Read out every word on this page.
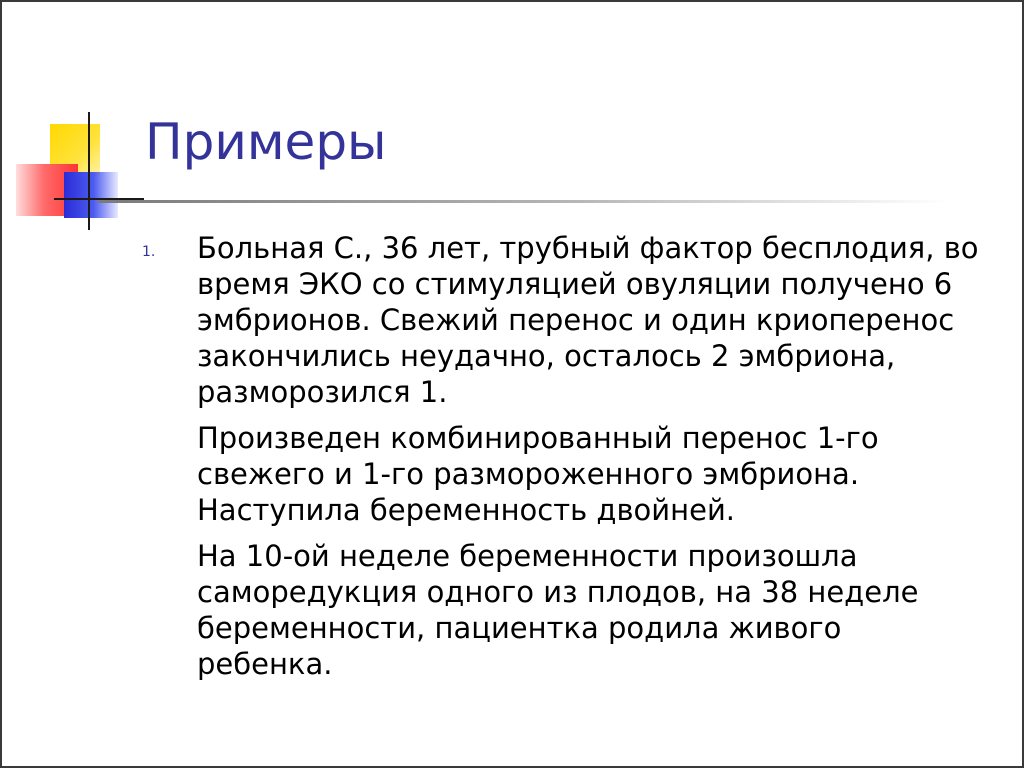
Примеры
1.	Больная С., 36 лет, трубный фактор бесплодия, во время ЭКО со стимуляцией овуляции получено 6 эмбрионов. Свежий перенос и один криоперенос закончились неудачно, осталось 2 эмбриона, разморозился 1.

Произведен комбинированный перенос 1-го свежего и 1-го размороженного эмбриона. Наступила беременность двойней.

На 10-ой неделе беременности произошла саморедукция одного из плодов, на 38 неделе беременности, пациентка родила живого ребенка.
